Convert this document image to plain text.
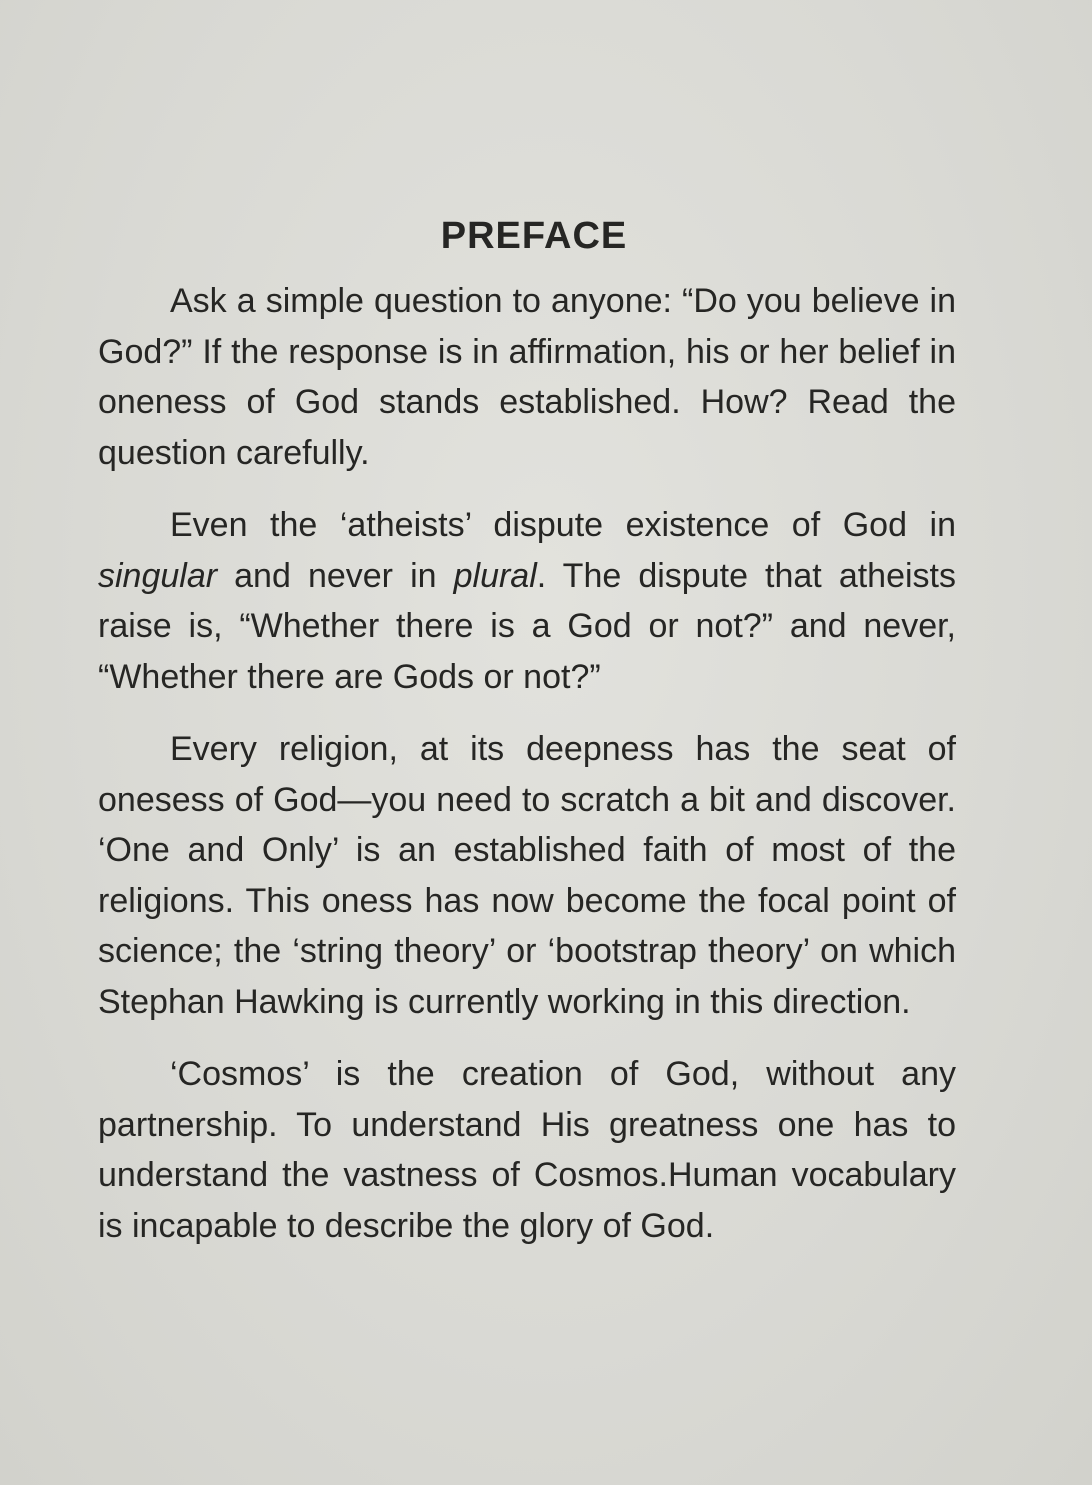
PREFACE

Ask a simple question to anyone: “Do you believe in God?” If the response is in affirmation, his or her belief in oneness of God stands established. How? Read the question carefully.

Even the ‘atheists’ dispute existence of God in singular and never in plural. The dispute that atheists raise is, “Whether there is a God or not?” and never, “Whether there are Gods or not?”

Every religion, at its deepness has the seat of onesess of God—you need to scratch a bit and discover. ‘One and Only’ is an established faith of most of the religions. This oness has now become the focal point of science; the ‘string theory’ or ‘bootstrap theory’ on which Stephan Hawking is currently working in this direction.

‘Cosmos’ is the creation of God, without any partnership. To understand His greatness one has to understand the vastness of Cosmos.Human vocabulary is incapable to describe the glory of God.
